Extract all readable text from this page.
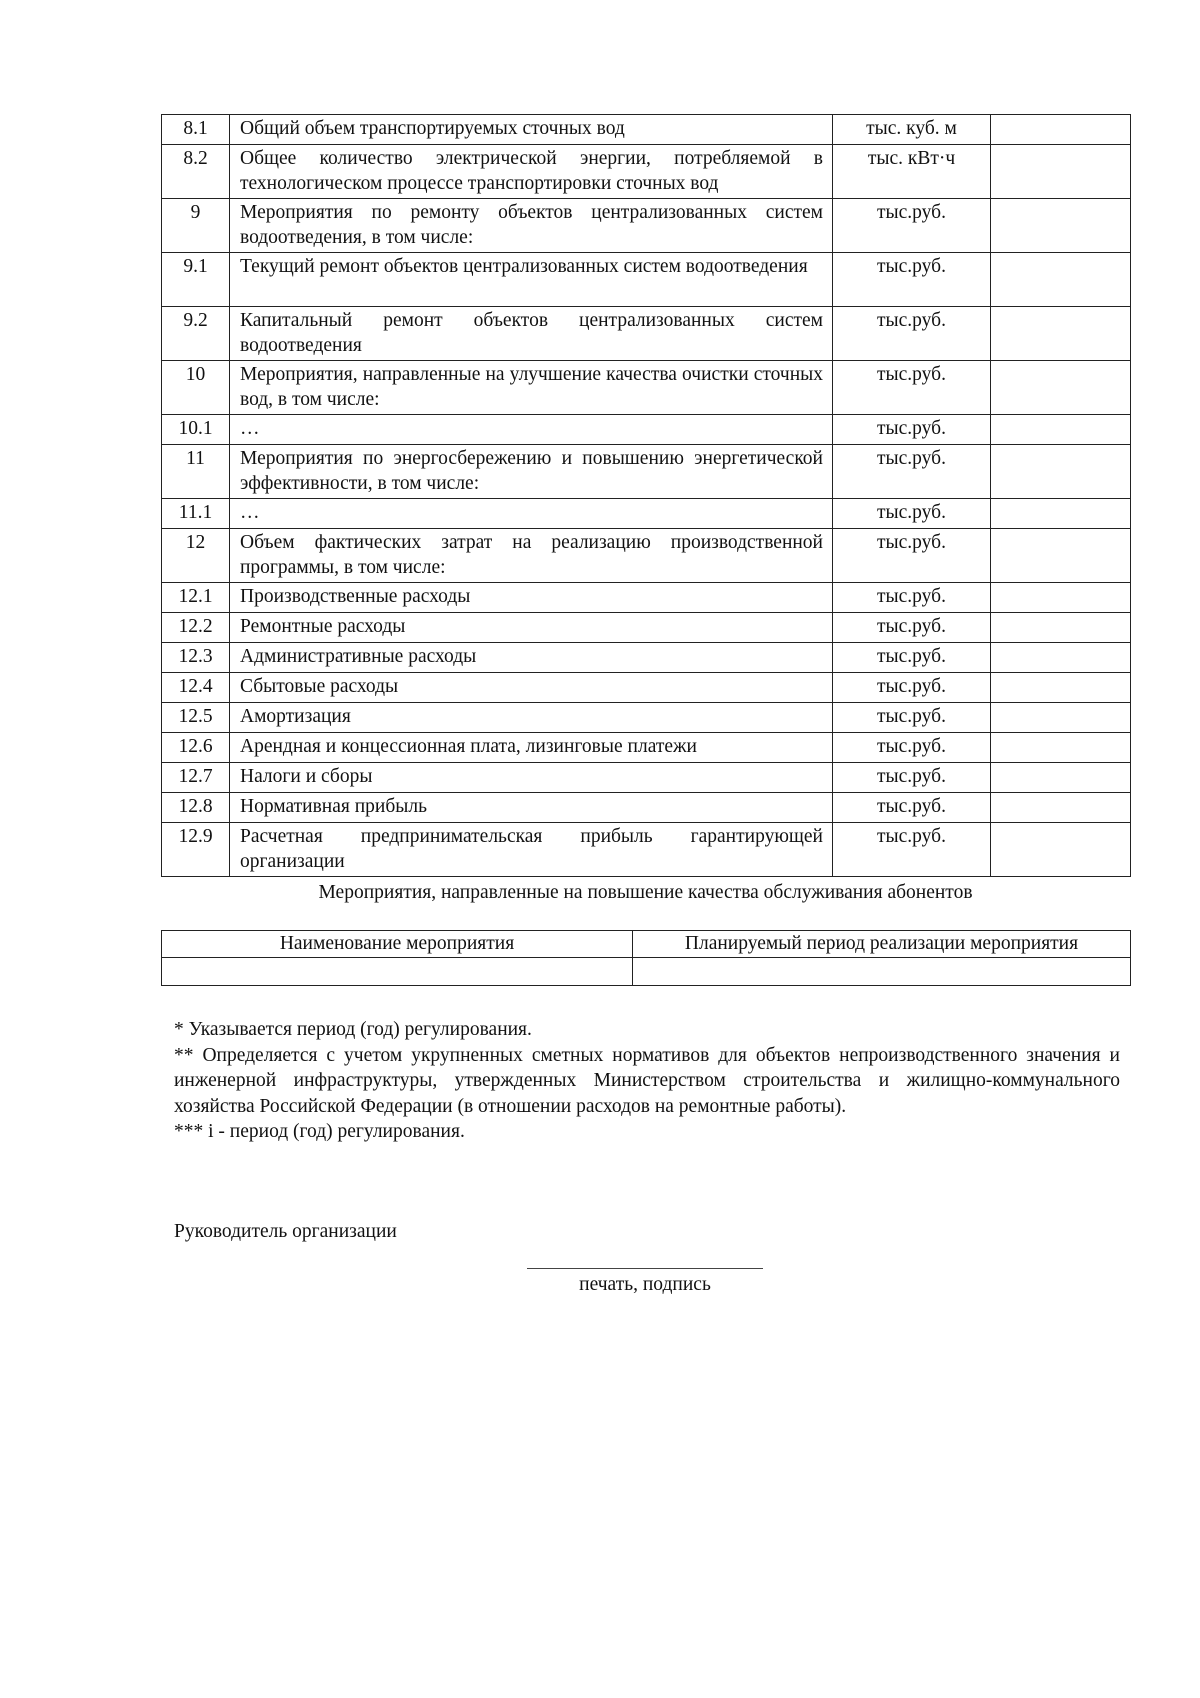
8.1	Общий объем транспортируемых сточных вод	тыс. куб. м	
8.2	Общее количество электрической энергии, потребляемой в технологическом процессе транспортировки сточных вод	тыс. кВт·ч	
9	Мероприятия по ремонту объектов централизованных систем водоотведения, в том числе:	тыс.руб.	
9.1	Текущий ремонт объектов централизованных систем водоотведения	тыс.руб.	
9.2	Капитальный ремонт объектов централизованных систем водоотведения	тыс.руб.	
10	Мероприятия, направленные на улучшение качества очистки сточных вод, в том числе:	тыс.руб.	
10.1	…	тыс.руб.	
11	Мероприятия по энергосбережению и повышению энергетической эффективности, в том числе:	тыс.руб.	
11.1	…	тыс.руб.	
12	Объем фактических затрат на реализацию производственной программы, в том числе:	тыс.руб.	
12.1	Производственные расходы	тыс.руб.	
12.2	Ремонтные расходы	тыс.руб.	
12.3	Административные расходы	тыс.руб.	
12.4	Сбытовые расходы	тыс.руб.	
12.5	Амортизация	тыс.руб.	
12.6	Арендная и концессионная плата, лизинговые платежи	тыс.руб.	
12.7	Налоги и сборы	тыс.руб.	
12.8	Нормативная прибыль	тыс.руб.	
12.9	Расчетная предпринимательская прибыль гарантирующей организации	тыс.руб.	
Мероприятия, направленные на повышение качества обслуживания абонентов
Наименование мероприятия	Планируемый период реализации мероприятия

* Указывается период (год) регулирования.

** Определяется с учетом укрупненных сметных нормативов для объектов непроизводственного значения и инженерной инфраструктуры, утвержденных Министерством строительства и жилищно-коммунального хозяйства Российской Федерации (в отношении расходов на ремонтные работы).

*** i - период (год) регулирования.

Руководитель организации
печать, подпись
